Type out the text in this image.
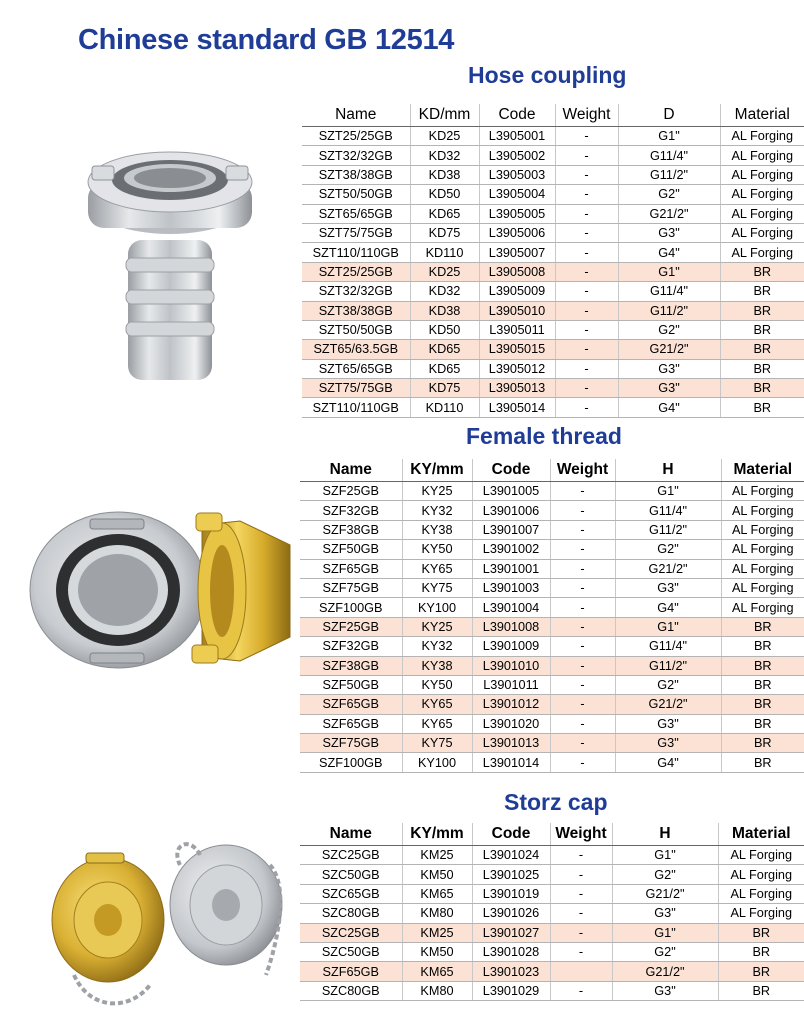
Chinese standard GB 12514
Hose coupling
Name	KD/mm	Code	Weight	D	Material
SZT25/25GB	KD25	L3905001	-	G1"	AL Forging
SZT32/32GB	KD32	L3905002	-	G11/4"	AL Forging
SZT38/38GB	KD38	L3905003	-	G11/2"	AL Forging
SZT50/50GB	KD50	L3905004	-	G2"	AL Forging
SZT65/65GB	KD65	L3905005	-	G21/2"	AL Forging
SZT75/75GB	KD75	L3905006	-	G3"	AL Forging
SZT110/110GB	KD110	L3905007	-	G4"	AL Forging
SZT25/25GB	KD25	L3905008	-	G1"	BR
SZT32/32GB	KD32	L3905009	-	G11/4"	BR
SZT38/38GB	KD38	L3905010	-	G11/2"	BR
SZT50/50GB	KD50	L3905011	-	G2"	BR
SZT65/63.5GB	KD65	L3905015	-	G21/2"	BR
SZT65/65GB	KD65	L3905012	-	G3"	BR
SZT75/75GB	KD75	L3905013	-	G3"	BR
SZT110/110GB	KD110	L3905014	-	G4"	BR
Female thread
Name	KY/mm	Code	Weight	H	Material
SZF25GB	KY25	L3901005	-	G1"	AL Forging
SZF32GB	KY32	L3901006	-	G11/4"	AL Forging
SZF38GB	KY38	L3901007	-	G11/2"	AL Forging
SZF50GB	KY50	L3901002	-	G2"	AL Forging
SZF65GB	KY65	L3901001	-	G21/2"	AL Forging
SZF75GB	KY75	L3901003	-	G3"	AL Forging
SZF100GB	KY100	L3901004	-	G4"	AL Forging
SZF25GB	KY25	L3901008	-	G1"	BR
SZF32GB	KY32	L3901009	-	G11/4"	BR
SZF38GB	KY38	L3901010	-	G11/2"	BR
SZF50GB	KY50	L3901011	-	G2"	BR
SZF65GB	KY65	L3901012	-	G21/2"	BR
SZF65GB	KY65	L3901020	-	G3"	BR
SZF75GB	KY75	L3901013	-	G3"	BR
SZF100GB	KY100	L3901014	-	G4"	BR
Storz cap
Name	KY/mm	Code	Weight	H	Material
SZC25GB	KM25	L3901024	-	G1"	AL Forging
SZC50GB	KM50	L3901025	-	G2"	AL Forging
SZC65GB	KM65	L3901019	-	G21/2"	AL Forging
SZC80GB	KM80	L3901026	-	G3"	AL Forging
SZC25GB	KM25	L3901027	-	G1"	BR
SZC50GB	KM50	L3901028	-	G2"	BR
SZF65GB	KM65	L3901023		G21/2"	BR
SZC80GB	KM80	L3901029	-	G3"	BR
